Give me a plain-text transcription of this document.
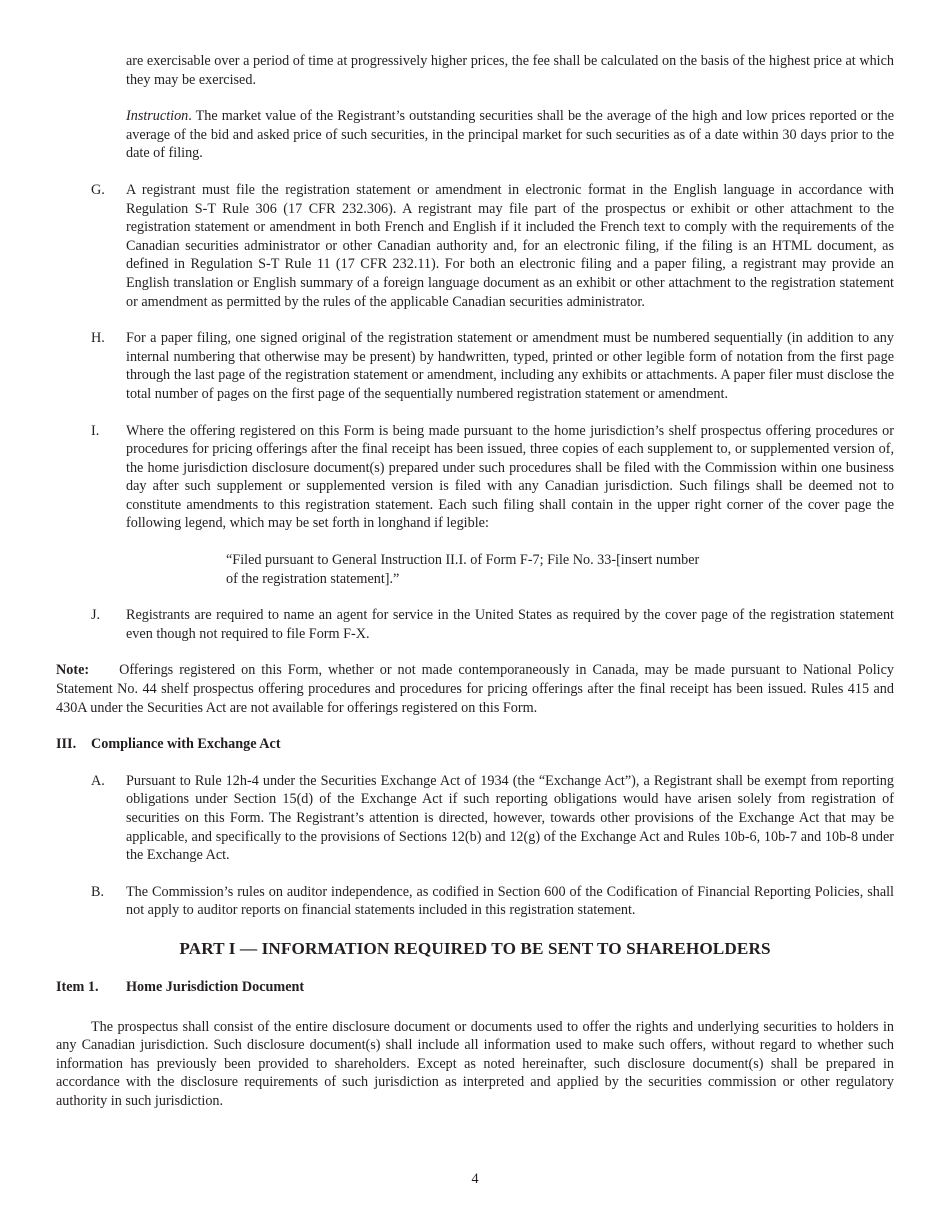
are exercisable over a period of time at progressively higher prices, the fee shall be calculated on the basis of the highest price at which they may be exercised.

Instruction. The market value of the Registrant’s outstanding securities shall be the average of the high and low prices reported or the average of the bid and asked price of such securities, in the principal market for such securities as of a date within 30 days prior to the date of filing.

G.	A registrant must file the registration statement or amendment in electronic format in the English language in accordance with Regulation S-T Rule 306 (17 CFR 232.306). A registrant may file part of the prospectus or exhibit or other attachment to the registration statement or amendment in both French and English if it included the French text to comply with the requirements of the Canadian securities administrator or other Canadian authority and, for an electronic filing, if the filing is an HTML document, as defined in Regulation S-T Rule 11 (17 CFR 232.11). For both an electronic filing and a paper filing, a registrant may provide an English translation or English summary of a foreign language document as an exhibit or other attachment to the registration statement or amendment as permitted by the rules of the applicable Canadian securities administrator.
H.	For a paper filing, one signed original of the registration statement or amendment must be numbered sequentially (in addition to any internal numbering that otherwise may be present) by handwritten, typed, printed or other legible form of notation from the first page through the last page of the registration statement or amendment, including any exhibits or attachments. A paper filer must disclose the total number of pages on the first page of the sequentially numbered registration statement or amendment.
I.	Where the offering registered on this Form is being made pursuant to the home jurisdiction’s shelf prospectus offering procedures or procedures for pricing offerings after the final receipt has been issued, three copies of each supplement to, or supplemented version of, the home jurisdiction disclosure document(s) prepared under such procedures shall be filed with the Commission within one business day after such supplement or supplemented version is filed with any Canadian jurisdiction. Such filings shall be deemed not to constitute amendments to this registration statement. Each such filing shall contain in the upper right corner of the cover page the following legend, which may be set forth in longhand if legible:
“Filed pursuant to General Instruction II.I. of Form F-7; File No. 33-[insert number
of the registration statement].”
J.	Registrants are required to name an agent for service in the United States as required by the cover page of the registration statement even though not required to file Form F-X.

Note: Offerings registered on this Form, whether or not made contemporaneously in Canada, may be made pursuant to National Policy Statement No. 44 shelf prospectus offering procedures and procedures for pricing offerings after the final receipt has been issued. Rules 415 and 430A under the Securities Act are not available for offerings registered on this Form.

III. Compliance with Exchange Act
A.	Pursuant to Rule 12h-4 under the Securities Exchange Act of 1934 (the “Exchange Act”), a Registrant shall be exempt from reporting obligations under Section 15(d) of the Exchange Act if such reporting obligations would have arisen solely from registration of securities on this Form. The Registrant’s attention is directed, however, towards other provisions of the Exchange Act that may be applicable, and specifically to the provisions of Sections 12(b) and 12(g) of the Exchange Act and Rules 10b-6, 10b-7 and 10b-8 under the Exchange Act.
B.	The Commission’s rules on auditor independence, as codified in Section 600 of the Codification of Financial Reporting Policies, shall not apply to auditor reports on financial statements included in this registration statement.
PART I — INFORMATION REQUIRED TO BE SENT TO SHAREHOLDERS
Item 1. Home Jurisdiction Document

The prospectus shall consist of the entire disclosure document or documents used to offer the rights and underlying securities to holders in any Canadian jurisdiction. Such disclosure document(s) shall include all information used to make such offers, without regard to whether such information has previously been provided to shareholders. Except as noted hereinafter, such disclosure document(s) shall be prepared in accordance with the disclosure requirements of such jurisdiction as interpreted and applied by the securities commission or other regulatory authority in such jurisdiction.

4
